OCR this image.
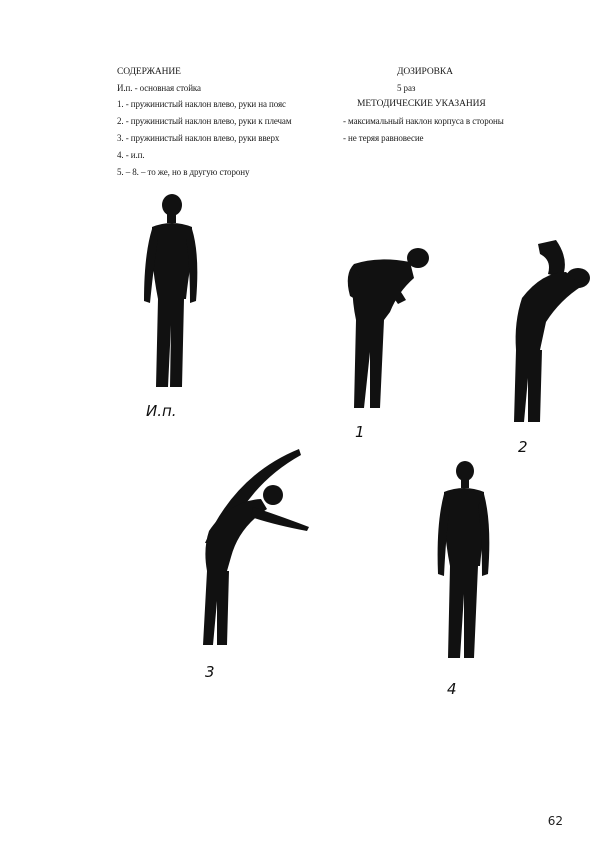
СОДЕРЖАНИЕ	ДОЗИРОВКА
И.п. - основная стойка	5 раз
1. - пружинистый наклон влево, руки на пояс	МЕТОДИЧЕСКИЕ УКАЗАНИЯ
2. - пружинистый наклон влево, руки к плечам	- максимальный наклон корпуса в стороны
3. - пружинистый наклон влево, руки вверх	- не теряя равновесие
4. - и.п.
5. – 8. – то же, но в другую сторону
И.п.
1
2
3
4
62
